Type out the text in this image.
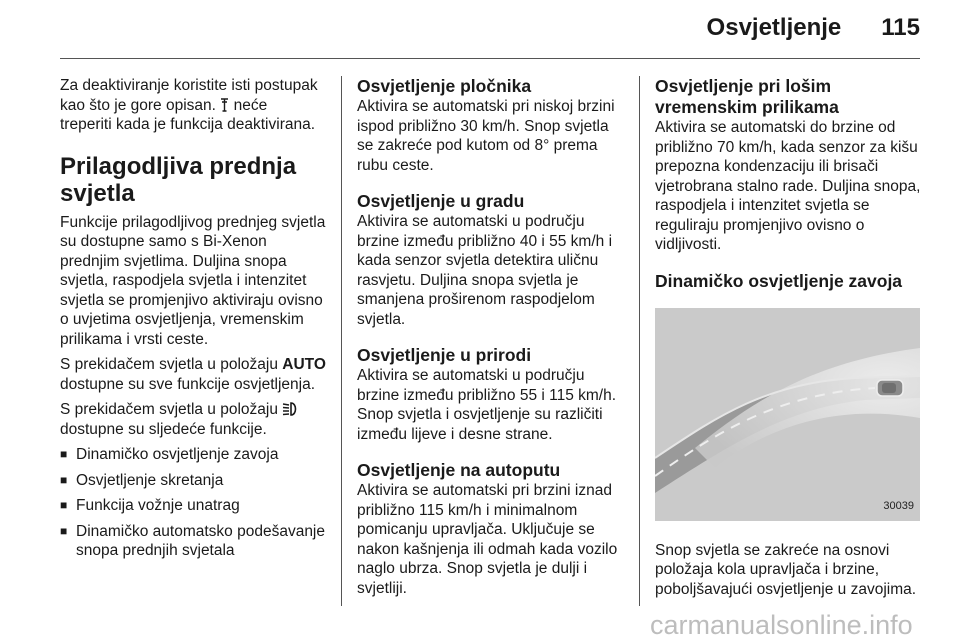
Osvjetljenje 115

Za deaktiviranje koristite isti postupak
kao što je gore opisan. neće
treperiti kada je funkcija deaktivirana.

Prilagodljiva prednja svjetla

Funkcije prilagodljivog prednjeg svjetla su dostupne samo s Bi-Xenon prednjim svjetlima. Duljina snopa svjetla, raspodjela svjetla i intenzitet svjetla se promjenjivo aktiviraju ovisno o uvjetima osvjetljenja, vremenskim prilikama i vrsti ceste.

S prekidačem svjetla u položaju AUTO dostupne su sve funkcije osvjetljenja.

S prekidačem svjetla u položaju  dostupne su sljedeće funkcije.

■ Dinamičko osvjetljenje zavoja
■ Osvjetljenje skretanja
■ Funkcija vožnje unatrag
■ Dinamičko automatsko podešavanje snopa prednjih svjetala
Osvjetljenje pločnika

Aktivira se automatski pri niskoj brzini ispod približno 30 km/h. Snop svjetla se zakreće pod kutom od 8° prema rubu ceste.

Osvjetljenje u gradu

Aktivira se automatski u području brzine između približno 40 i 55 km/h i kada senzor svjetla detektira uličnu rasvjetu. Duljina snopa svjetla je smanjena proširenom raspodjelom svjetla.

Osvjetljenje u prirodi

Aktivira se automatski u području brzine između približno 55 i 115 km/h. Snop svjetla i osvjetljenje su različiti između lijeve i desne strane.

Osvjetljenje na autoputu

Aktivira se automatski pri brzini iznad približno 115 km/h i minimalnom pomicanju upravljača. Uključuje se nakon kašnjenja ili odmah kada vozilo naglo ubrza. Snop svjetla je dulji i svjetliji.

Osvjetljenje pri lošim vremenskim prilikama

Aktivira se automatski do brzine od približno 70 km/h, kada senzor za kišu prepozna kondenzaciju ili brisači vjetrobrana stalno rade. Duljina snopa, raspodjela i intenzitet svjetla se reguliraju promjenjivo ovisno o vidljivosti.

Dinamičko osvjetljenje zavoja
30039

Snop svjetla se zakreće na osnovi položaja kola upravljača i brzine, poboljšavajući osvjetljenje u zavojima.

carmanualsonline.info
